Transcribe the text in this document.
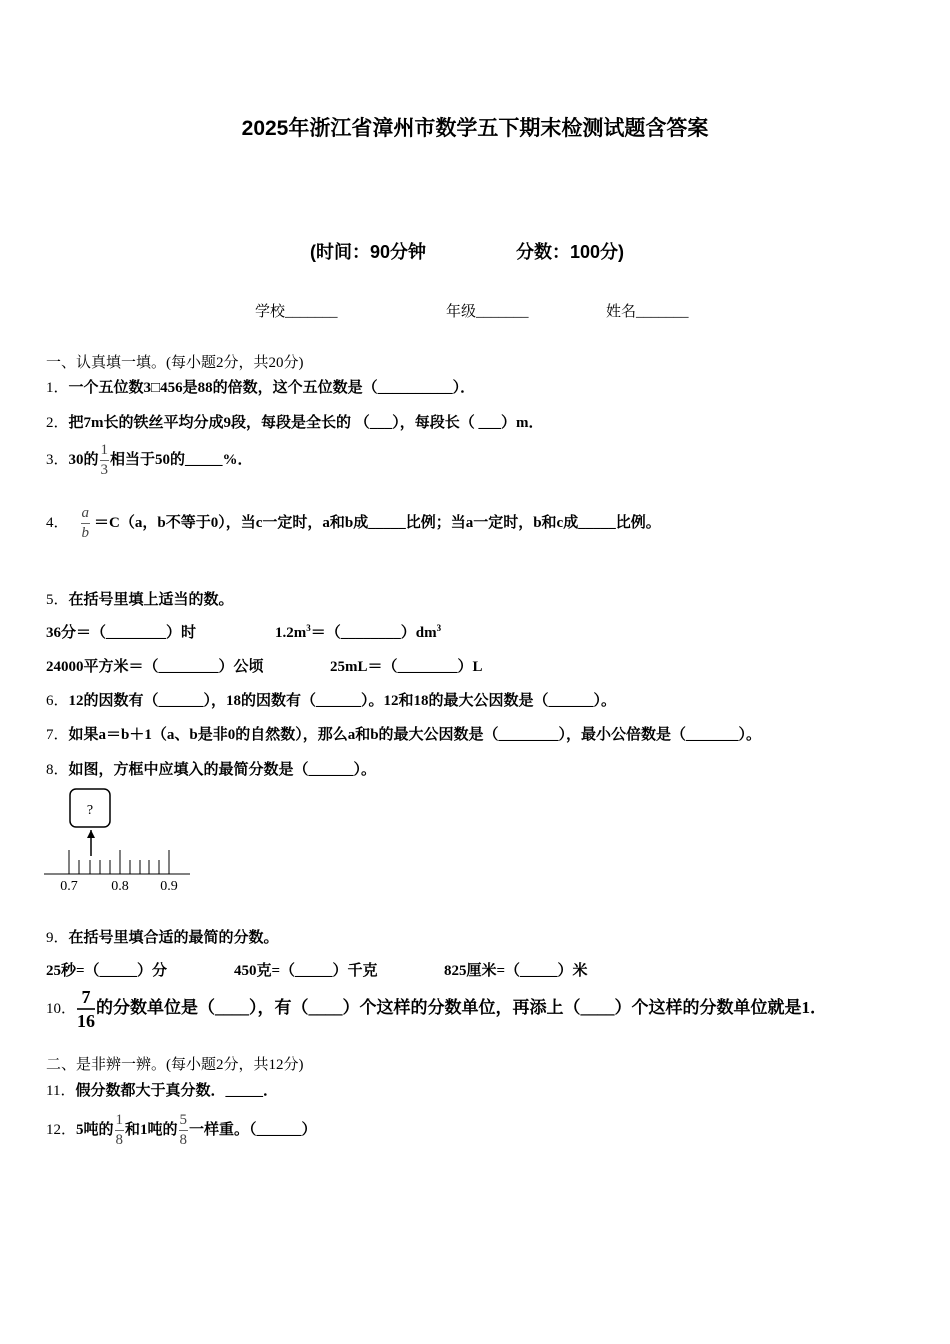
2025年浙江省漳州市数学五下期末检测试题含答案
(时间：90分钟	分数：100分)
学校_______	年级_______	姓名_______
一、认真填一填。(每小题2分，共20分)
1．一个五位数3□456是88的倍数，这个五位数是（__________）．
2．把7m长的铁丝平均分成9段，每段是全长的 （___），每段长（ ___）m．
3．30的 $\frac{1}{3}$ 相当于50的_____%．
4． $\frac{a}{b} =C(a$，b不等于0），当c一定时，a和b成_____比例；当a一定时，b和c成_____比例。
5．在括号里填上适当的数。
36分＝（________）时	$1.2m^3=(\_\_\_\_\_\_\_\_)dm^3$
24000平方米＝（________）公顷	25mL＝（________）L
6．12的因数有（______），18的因数有（______）。12和18的最大公因数是（______）。
7．如果a＝b＋1（a、b是非0的自然数），那么a和b的最大公因数是（________），最小公倍数是（_______）。
8．如图，方框中应填入的最简分数是（______）。
?
0.7 0.8 0.9
9．在括号里填合适的最简的分数。
25秒=（_____）分	450克=（_____）千克	825厘米=（_____）米
10． $\frac{7}{16}$ 的分数单位是（____），有（____）个这样的分数单位，再添上（____）个这样的分数单位就是1．
二、是非辨一辨。(每小题2分，共12分)
11．假分数都大于真分数．_____．
12．5吨的 $\frac{1}{8}$ 和1吨的 $\frac{5}{8}$ 一样重。（______）
